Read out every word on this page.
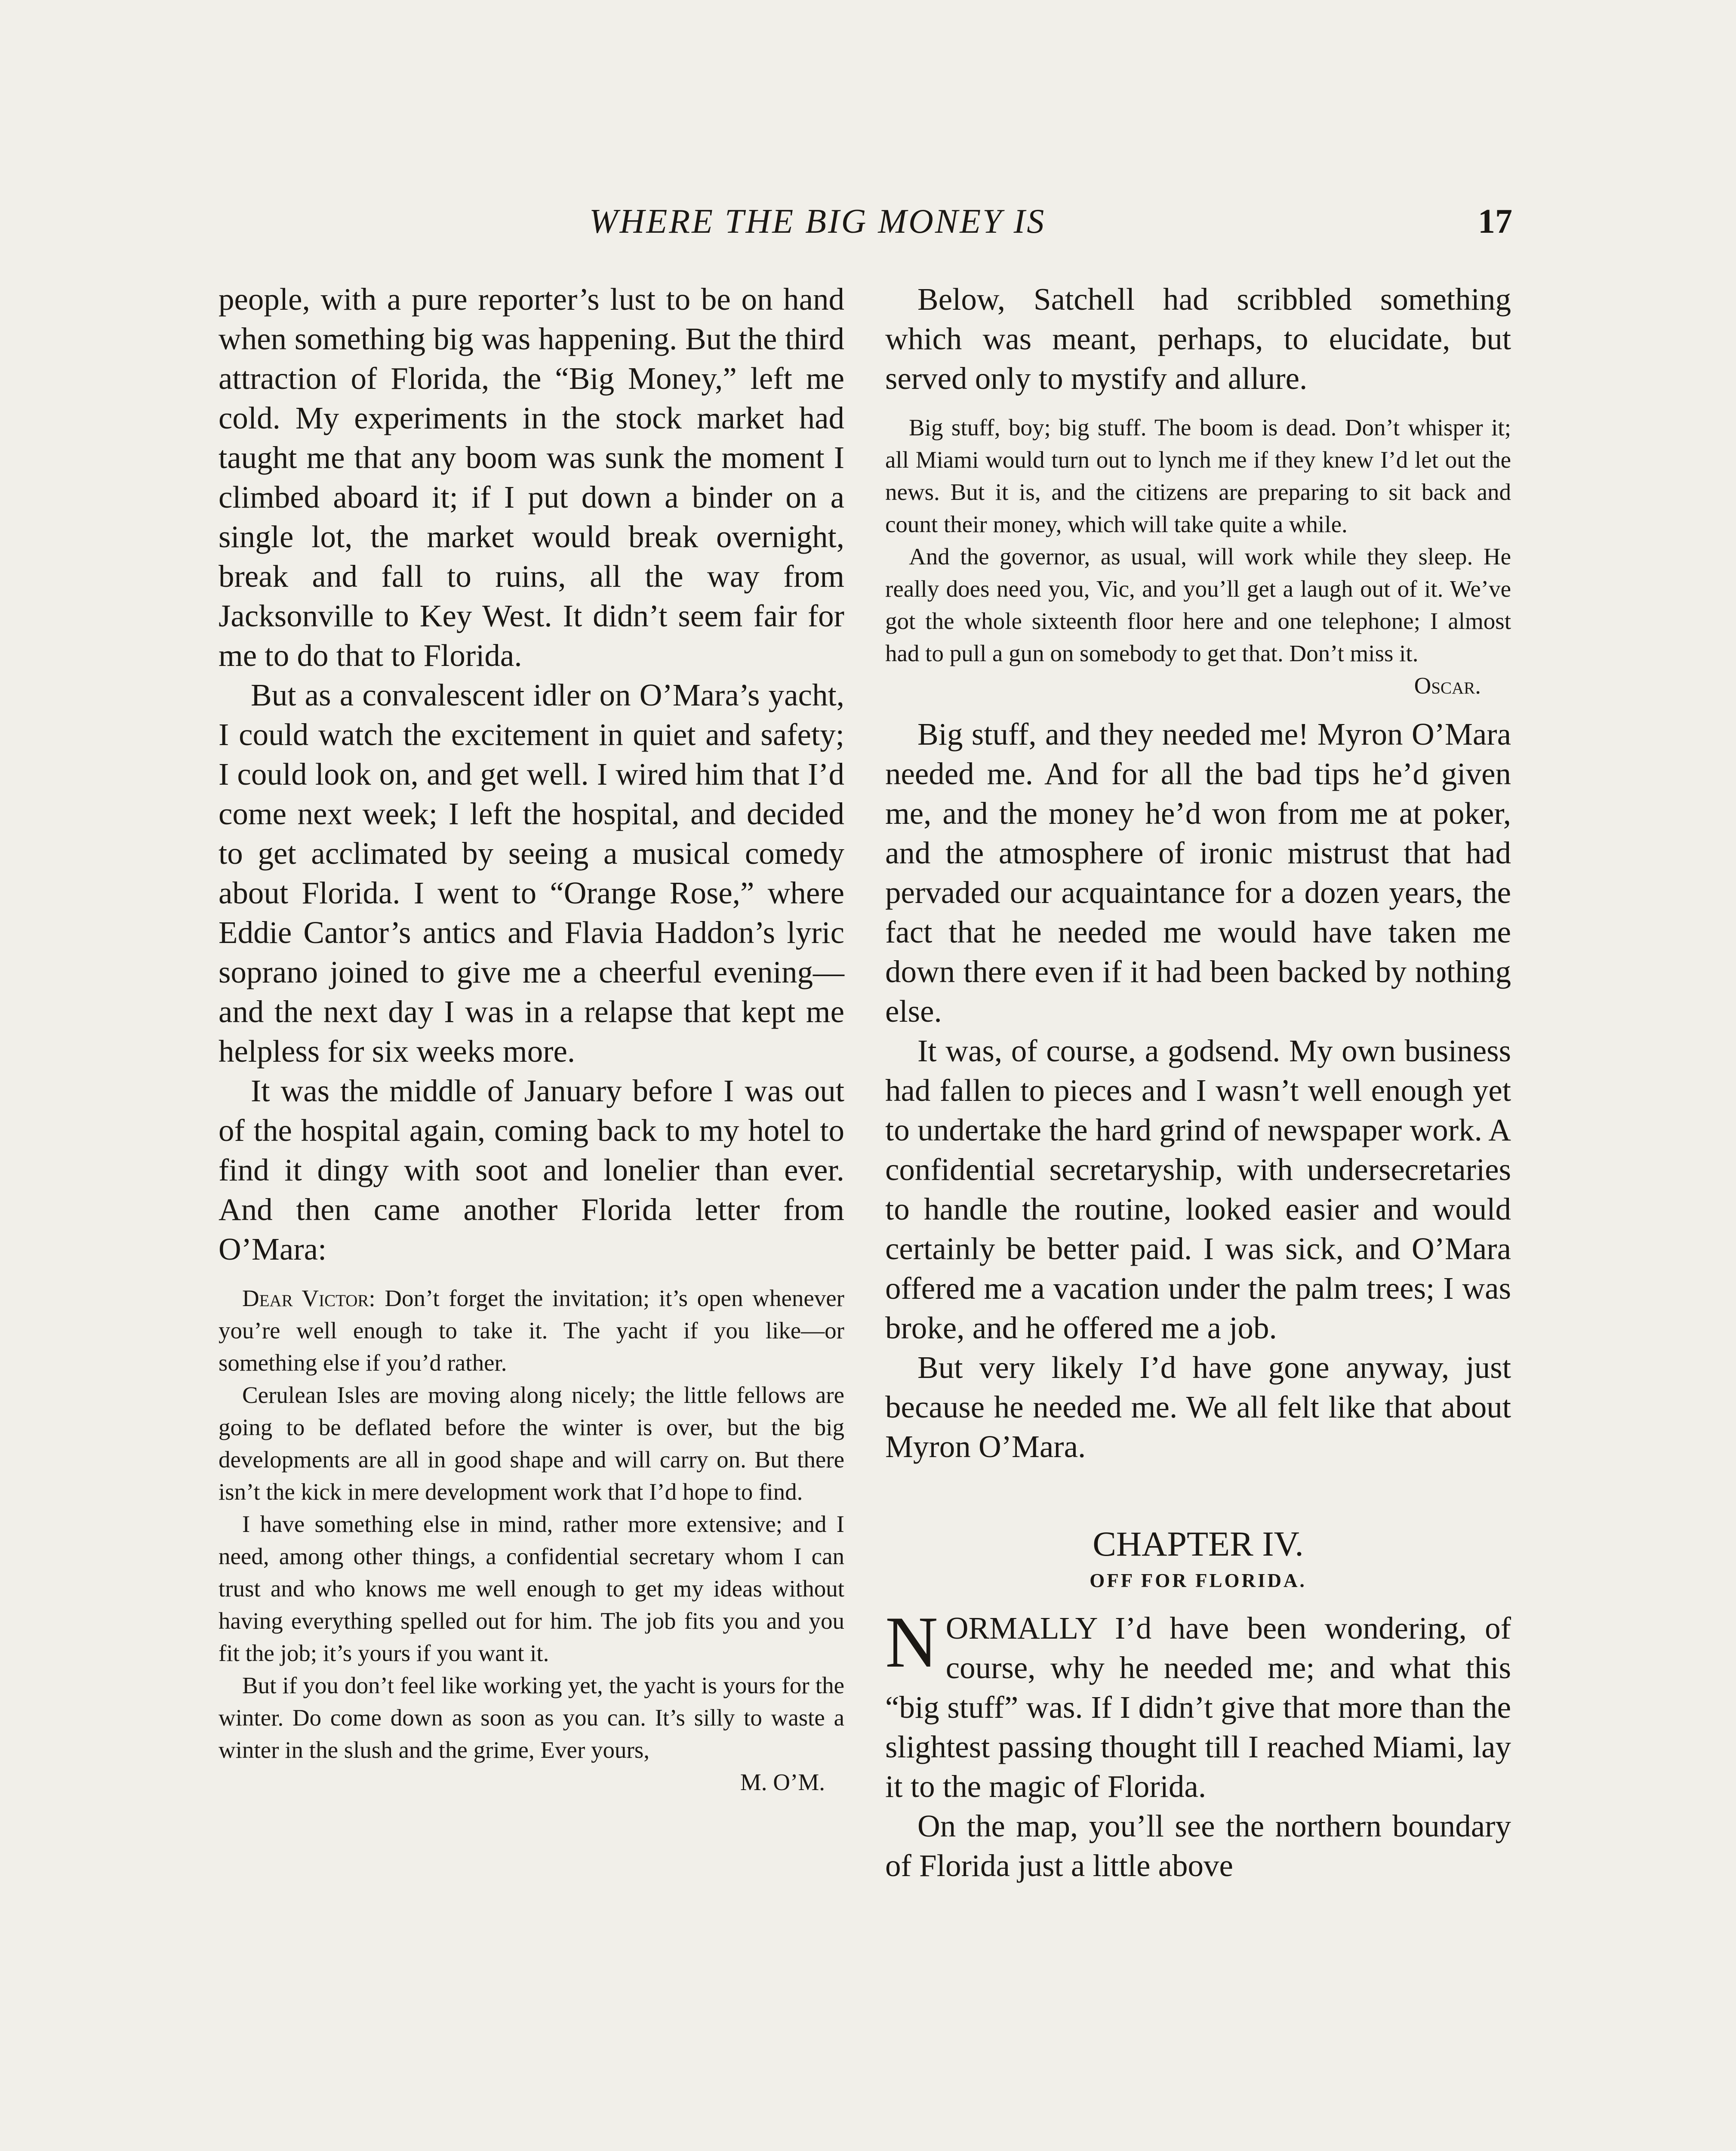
WHERE THE BIG MONEY IS	17

people, with a pure reporter’s lust to be on hand when something big was happening. But the third attraction of Florida, the “Big Money,” left me cold. My experiments in the stock market had taught me that any boom was sunk the moment I climbed aboard it; if I put down a binder on a single lot, the market would break overnight, break and fall to ruins, all the way from Jacksonville to Key West. It didn’t seem fair for me to do that to Florida.

But as a convalescent idler on O’Mara’s yacht, I could watch the excitement in quiet and safety; I could look on, and get well. I wired him that I’d come next week; I left the hospital, and decided to get acclimated by seeing a musical comedy about Florida. I went to “Orange Rose,” where Eddie Cantor’s antics and Flavia Haddon’s lyric soprano joined to give me a cheerful evening—and the next day I was in a relapse that kept me helpless for six weeks more.

It was the middle of January before I was out of the hospital again, coming back to my hotel to find it dingy with soot and lonelier than ever. And then came another Florida letter from O’Mara:

Dear Victor: Don’t forget the invitation; it’s open whenever you’re well enough to take it. The yacht if you like—or something else if you’d rather.

Cerulean Isles are moving along nicely; the little fellows are going to be deflated before the winter is over, but the big developments are all in good shape and will carry on. But there isn’t the kick in mere development work that I’d hope to find.

I have something else in mind, rather more extensive; and I need, among other things, a confidential secretary whom I can trust and who knows me well enough to get my ideas without having everything spelled out for him. The job fits you and you fit the job; it’s yours if you want it.

But if you don’t feel like working yet, the yacht is yours for the winter. Do come down as soon as you can. It’s silly to waste a winter in the slush and the grime, Ever yours,

M. O’M.

Below, Satchell had scribbled something which was meant, perhaps, to elucidate, but served only to mystify and allure.

Big stuff, boy; big stuff. The boom is dead. Don’t whisper it; all Miami would turn out to lynch me if they knew I’d let out the news. But it is, and the citizens are preparing to sit back and count their money, which will take quite a while.

And the governor, as usual, will work while they sleep. He really does need you, Vic, and you’ll get a laugh out of it. We’ve got the whole sixteenth floor here and one telephone; I almost had to pull a gun on somebody to get that. Don’t miss it.

Oscar.

Big stuff, and they needed me! Myron O’Mara needed me. And for all the bad tips he’d given me, and the money he’d won from me at poker, and the atmosphere of ironic mistrust that had pervaded our acquaintance for a dozen years, the fact that he needed me would have taken me down there even if it had been backed by nothing else.

It was, of course, a godsend. My own business had fallen to pieces and I wasn’t well enough yet to undertake the hard grind of newspaper work. A confidential secretaryship, with undersecretaries to handle the routine, looked easier and would certainly be better paid. I was sick, and O’Mara offered me a vacation under the palm trees; I was broke, and he offered me a job.

But very likely I’d have gone anyway, just because he needed me. We all felt like that about Myron O’Mara.

CHAPTER IV.
OFF FOR FLORIDA.

NORMALLY I’d have been wondering, of course, why he needed me; and what this “big stuff” was. If I didn’t give that more than the slightest passing thought till I reached Miami, lay it to the magic of Florida.

On the map, you’ll see the northern boundary of Florida just a little above
